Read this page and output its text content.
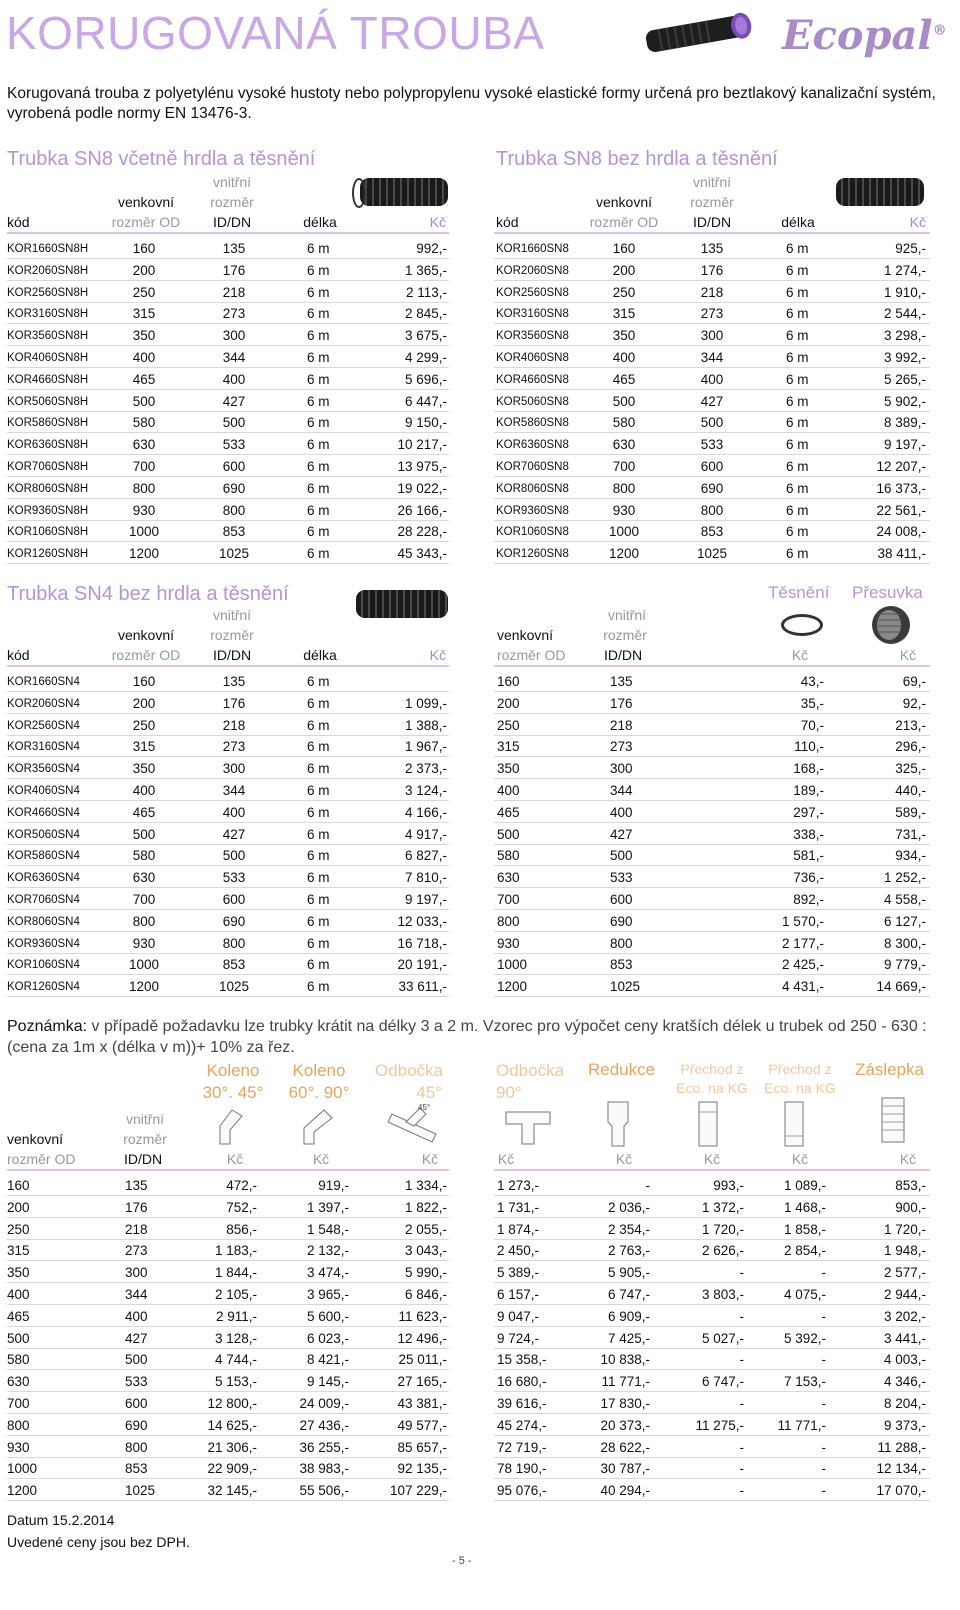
KORUGOVANÁ TROUBA	Ecopal®
Korugovaná trouba z polyetylénu vysoké hustoty nebo polypropylenu vysoké elastické formy určená pro beztlakový kanalizační systém, vyrobená podle normy EN 13476-3.
Trubka SN8 včetně hrdla a těsnění
kód
venkovní
rozměr OD
vnitřní
rozměr
ID/DN	délka	Kč
KOR1660SN8H	160	135	6 m	992,-
KOR2060SN8H	200	176	6 m	1 365,-
KOR2560SN8H	250	218	6 m	2 113,-
KOR3160SN8H	315	273	6 m	2 845,-
KOR3560SN8H	350	300	6 m	3 675,-
KOR4060SN8H	400	344	6 m	4 299,-
KOR4660SN8H	465	400	6 m	5 696,-
KOR5060SN8H	500	427	6 m	6 447,-
KOR5860SN8H	580	500	6 m	9 150,-
KOR6360SN8H	630	533	6 m	10 217,-
KOR7060SN8H	700	600	6 m	13 975,-
KOR8060SN8H	800	690	6 m	19 022,-
KOR9360SN8H	930	800	6 m	26 166,-
KOR1060SN8H	1000	853	6 m	28 228,-
KOR1260SN8H	1200	1025	6 m	45 343,-
Trubka SN8 bez hrdla a těsnění
kód
venkovní
rozměr OD
vnitřní
rozměr
ID/DN	délka	Kč
KOR1660SN8	160	135	6 m	925,-
KOR2060SN8	200	176	6 m	1 274,-
KOR2560SN8	250	218	6 m	1 910,-
KOR3160SN8	315	273	6 m	2 544,-
KOR3560SN8	350	300	6 m	3 298,-
KOR4060SN8	400	344	6 m	3 992,-
KOR4660SN8	465	400	6 m	5 265,-
KOR5060SN8	500	427	6 m	5 902,-
KOR5860SN8	580	500	6 m	8 389,-
KOR6360SN8	630	533	6 m	9 197,-
KOR7060SN8	700	600	6 m	12 207,-
KOR8060SN8	800	690	6 m	16 373,-
KOR9360SN8	930	800	6 m	22 561,-
KOR1060SN8	1000	853	6 m	24 008,-
KOR1260SN8	1200	1025	6 m	38 411,-
Trubka SN4 bez hrdla a těsnění
kód
venkovní
rozměr OD
vnitřní
rozměr
ID/DN	délka	Kč
KOR1660SN4	160	135	6 m
KOR2060SN4	200	176	6 m	1 099,-
KOR2560SN4	250	218	6 m	1 388,-
KOR3160SN4	315	273	6 m	1 967,-
KOR3560SN4	350	300	6 m	2 373,-
KOR4060SN4	400	344	6 m	3 124,-
KOR4660SN4	465	400	6 m	4 166,-
KOR5060SN4	500	427	6 m	4 917,-
KOR5860SN4	580	500	6 m	6 827,-
KOR6360SN4	630	533	6 m	7 810,-
KOR7060SN4	700	600	6 m	9 197,-
KOR8060SN4	800	690	6 m	12 033,-
KOR9360SN4	930	800	6 m	16 718,-
KOR1060SN4	1000	853	6 m	20 191,-
KOR1260SN4	1200	1025	6 m	33 611,-
Těsnění Přesuvka
vnitřní
rozměr
venkovní
rozměr OD	ID/DN	Kč	Kč
160	135	43,-	69,-
200	176	35,-	92,-
250	218	70,-	213,-
315	273	110,-	296,-
350	300	168,-	325,-
400	344	189,-	440,-
465	400	297,-	589,-
500	427	338,-	731,-
580	500	581,-	934,-
630	533	736,-	1 252,-
700	600	892,-	4 558,-
800	690	1 570,-	6 127,-
930	800	2 177,-	8 300,-
1000	853	2 425,-	9 779,-
1200	1025	4 431,-	14 669,-
Poznámka: v případě požadavku lze trubky krátit na délky 3 a 2 m. Vzorec pro výpočet ceny kratších délek u trubek od 250 - 630 : (cena za 1m x (délka v m))+ 10% za řez.
Koleno
30°. 45°
Koleno
60°. 90°
Odbočka
45°
45°
vnitřní
rozměr
venkovní
rozměr OD	ID/DN	Kč	Kč	Kč
160	135	472,-	919,-	1 334,-
200	176	752,-	1 397,-	1 822,-
250	218	856,-	1 548,-	2 055,-
315	273	1 183,-	2 132,-	3 043,-
350	300	1 844,-	3 474,-	5 990,-
400	344	2 105,-	3 965,-	6 846,-
465	400	2 911,-	5 600,-	11 623,-
500	427	3 128,-	6 023,-	12 496,-
580	500	4 744,-	8 421,-	25 011,-
630	533	5 153,-	9 145,-	27 165,-
700	600	12 800,-	24 009,-	43 381,-
800	690	14 625,-	27 436,-	49 577,-
930	800	21 306,-	36 255,-	85 657,-
1000	853	22 909,-	38 983,-	92 135,-
1200	1025	32 145,-	55 506,-	107 229,-
Odbočka
90°
Redukce	Přechod z
Eco. na KG
Přechod z
Eco. na KG
Záslepka
Kč	Kč	Kč	Kč	Kč
1 273,-	-	993,-	1 089,-	853,-
1 731,-	2 036,-	1 372,-	1 468,-	900,-
1 874,-	2 354,-	1 720,-	1 858,-	1 720,-
2 450,-	2 763,-	2 626,-	2 854,-	1 948,-
5 389,-	5 905,-	-	-	2 577,-
6 157,-	6 747,-	3 803,-	4 075,-	2 944,-
9 047,-	6 909,-	-	-	3 202,-
9 724,-	7 425,-	5 027,-	5 392,-	3 441,-
15 358,-	10 838,-	-	-	4 003,-
16 680,-	11 771,-	6 747,-	7 153,-	4 346,-
39 616,-	17 830,-	-	-	8 204,-
45 274,-	20 373,-	11 275,-	11 771,-	9 373,-
72 719,-	28 622,-	-	-	11 288,-
78 190,-	30 787,-	-	-	12 134,-
95 076,-	40 294,-	-	-	17 070,-
Datum 15.2.2014
Uvedené ceny jsou bez DPH.
- 5 -
